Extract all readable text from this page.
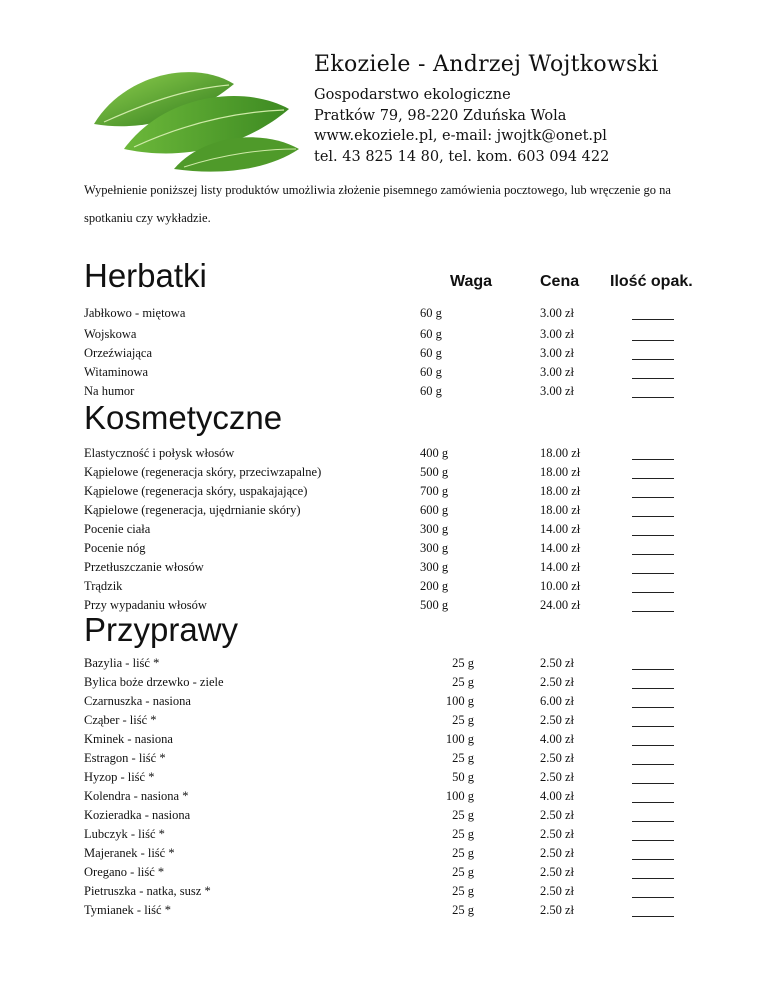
Ekoziele - Andrzej Wojtkowski
Gospodarstwo ekologiczne
Pratków 79, 98-220 Zduńska Wola
www.ekoziele.pl, e-mail: jwojtk@onet.pl
tel. 43 825 14 80, tel. kom. 603 094 422
Wypełnienie poniższej listy produktów umożliwia złożenie pisemnego zamówienia pocztowego, lub wręczenie go na spotkaniu czy wykładzie.
Waga	Cena Ilość opak.
Herbatki
Jabłkowo - miętowa	60 g	3.00 zł
Wojskowa	60 g	3.00 zł
Orzeźwiająca	60 g	3.00 zł
Witaminowa	60 g	3.00 zł
Na humor	60 g	3.00 zł
Kosmetyczne
Elastyczność i połysk włosów	400 g	18.00 zł
Kąpielowe (regeneracja skóry, przeciwzapalne)	500 g	18.00 zł
Kąpielowe (regeneracja skóry, uspakajające)	700 g	18.00 zł
Kąpielowe (regeneracja, ujędrnianie skóry)	600 g	18.00 zł
Pocenie ciała	300 g	14.00 zł
Pocenie nóg	300 g	14.00 zł
Przetłuszczanie włosów	300 g	14.00 zł
Trądzik	200 g	10.00 zł
Przy wypadaniu włosów	500 g	24.00 zł
Przyprawy
Bazylia - liść *	25 g	2.50 zł
Bylica boże drzewko - ziele	25 g	2.50 zł
Czarnuszka - nasiona	100 g	6.00 zł
Cząber - liść *	25 g	2.50 zł
Kminek - nasiona	100 g	4.00 zł
Estragon - liść *	25 g	2.50 zł
Hyzop - liść *	50 g	2.50 zł
Kolendra - nasiona *	100 g	4.00 zł
Kozieradka - nasiona	25 g	2.50 zł
Lubczyk - liść *	25 g	2.50 zł
Majeranek - liść *	25 g	2.50 zł
Oregano - liść *	25 g	2.50 zł
Pietruszka - natka, susz *	25 g	2.50 zł
Tymianek - liść *	25 g	2.50 zł
